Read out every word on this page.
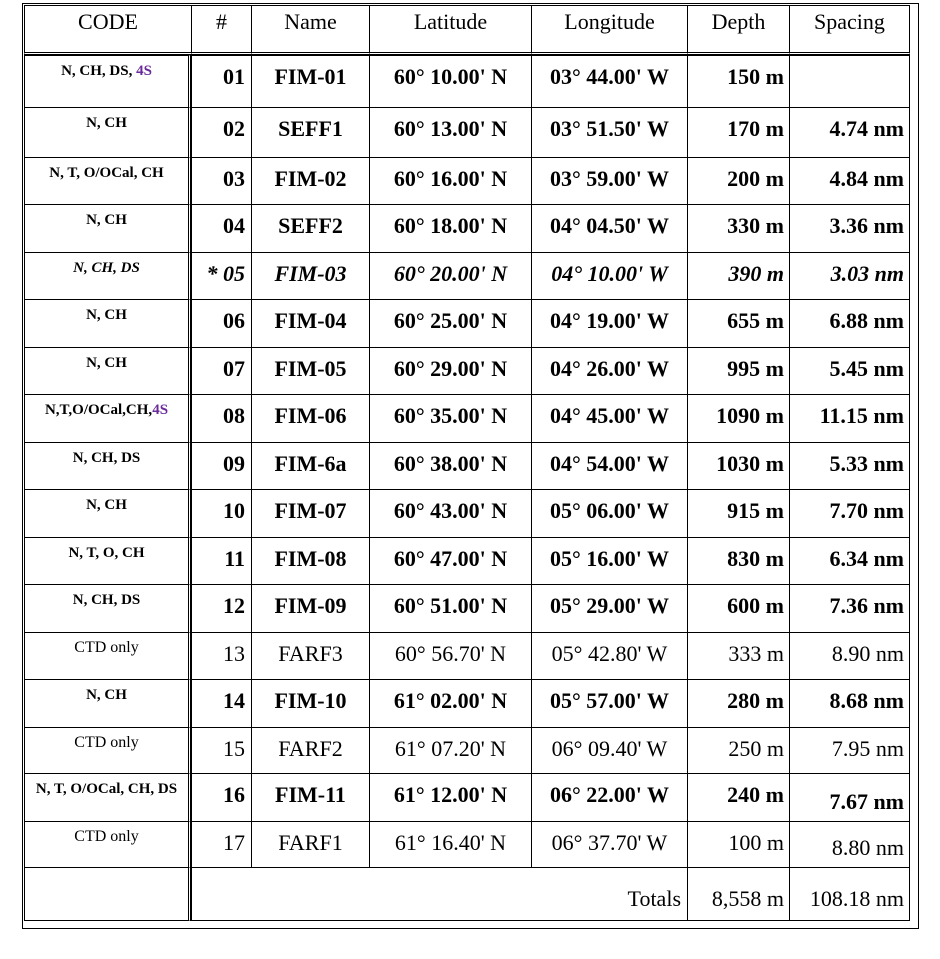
CODE	#	Name	Latitude	Longitude	Depth	Spacing
N, CH, DS, 4S	01	FIM-01	60° 10.00' N	03° 44.00' W	150 m	
N, CH	02	SEFF1	60° 13.00' N	03° 51.50' W	170 m	4.74 nm
N, T, O/OCal, CH	03	FIM-02	60° 16.00' N	03° 59.00' W	200 m	4.84 nm
N, CH	04	SEFF2	60° 18.00' N	04° 04.50' W	330 m	3.36 nm
N, CH, DS	* 05	FIM-03	60° 20.00' N	04° 10.00' W	390 m	3.03 nm
N, CH	06	FIM-04	60° 25.00' N	04° 19.00' W	655 m	6.88 nm
N, CH	07	FIM-05	60° 29.00' N	04° 26.00' W	995 m	5.45 nm
N,T,O/OCal,CH,4S	08	FIM-06	60° 35.00' N	04° 45.00' W	1090 m	11.15 nm
N, CH, DS	09	FIM-6a	60° 38.00' N	04° 54.00' W	1030 m	5.33 nm
N, CH	10	FIM-07	60° 43.00' N	05° 06.00' W	915 m	7.70 nm
N, T, O, CH	11	FIM-08	60° 47.00' N	05° 16.00' W	830 m	6.34 nm
N, CH, DS	12	FIM-09	60° 51.00' N	05° 29.00' W	600 m	7.36 nm
CTD only	13	FARF3	60° 56.70' N	05° 42.80' W	333 m	8.90 nm
N, CH	14	FIM-10	61° 02.00' N	05° 57.00' W	280 m	8.68 nm
CTD only	15	FARF2	61° 07.20' N	06° 09.40' W	250 m	7.95 nm
N, T, O/OCal, CH, DS	16	FIM-11	61° 12.00' N	06° 22.00' W	240 m	7.67 nm
CTD only	17	FARF1	61° 16.40' N	06° 37.70' W	100 m	8.80 nm
	Totals				8,558 m	108.18 nm
